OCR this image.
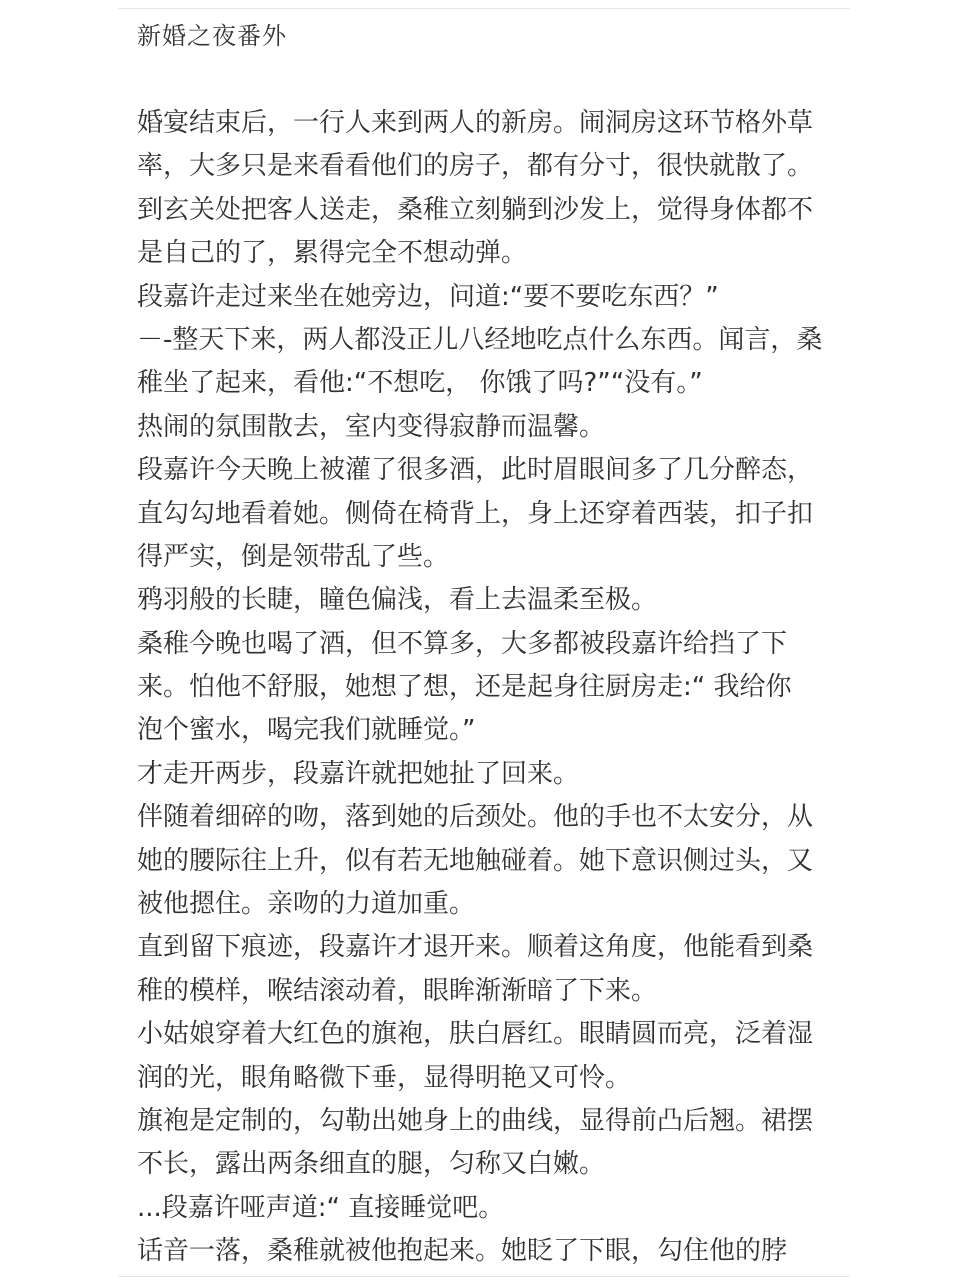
新婚之夜番外
婚宴结束后，一行人来到两人的新房。闹洞房这环节格外草
率，大多只是来看看他们的房子，都有分寸，很快就散了。
到玄关处把客人送走，桑稚立刻躺到沙发上，觉得身体都不
是自己的了，累得完全不想动弹。
段嘉许走过来坐在她旁边，问道:“要不要吃东西？”
－-整天下来，两人都没正儿八经地吃点什么东西。闻言，桑
稚坐了起来，看他:“不想吃， 你饿了吗?”“没有。”
热闹的氛围散去，室内变得寂静而温馨。
段嘉许今天晚上被灌了很多酒，此时眉眼间多了几分醉态，
直勾勾地看着她。侧倚在椅背上，身上还穿着西装，扣子扣
得严实，倒是领带乱了些。
鸦羽般的长睫，瞳色偏浅，看上去温柔至极。
桑稚今晚也喝了酒，但不算多，大多都被段嘉许给挡了下
来。怕他不舒服，她想了想，还是起身往厨房走:“ 我给你
泡个蜜水，喝完我们就睡觉。”
才走开两步，段嘉许就把她扯了回来。
伴随着细碎的吻，落到她的后颈处。他的手也不太安分，从
她的腰际往上升，似有若无地触碰着。她下意识侧过头，又
被他摁住。亲吻的力道加重。
直到留下痕迹，段嘉许才退开来。顺着这角度，他能看到桑
稚的模样，喉结滚动着，眼眸渐渐暗了下来。
小姑娘穿着大红色的旗袍，肤白唇红。眼睛圆而亮，泛着湿
润的光，眼角略微下垂，显得明艳又可怜。
旗袍是定制的，勾勒出她身上的曲线，显得前凸后翘。裙摆
不长，露出两条细直的腿，匀称又白嫩。
...段嘉许哑声道:“ 直接睡觉吧。
话音一落，桑稚就被他抱起来。她眨了下眼，勾住他的脖
